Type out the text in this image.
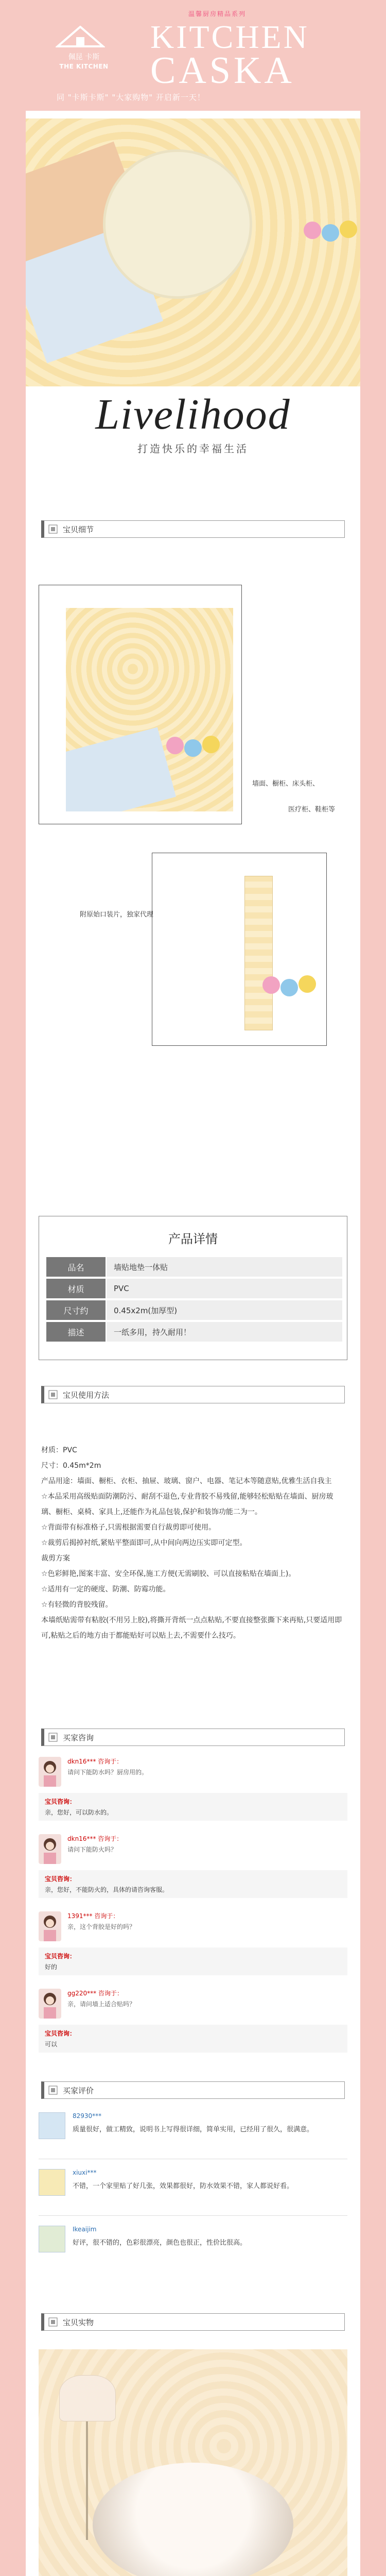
佩昆 卡斯
THE KITCHEN
温馨厨房精品系列
KITCHEN
CASKA
同 "卡斯卡斯" "大家购物" 开启新一天！
Livelihood
打造快乐的幸福生活
宝贝细节
墙面、橱柜、床头柜、
医疗柜、鞋柜等
附原始口装片，独家代理
产品详情
品名	墙贴地垫一体贴
材质	PVC
尺寸约	0.45x2m(加厚型)
描述	一纸多用，持久耐用！
宝贝使用方法

材质：PVC

尺寸：0.45m*2m

产品用途：墙面、橱柜、衣柜、抽屉、玻璃、窗户、电器、笔记本等随意贴,优雅生活自我主

☆本品采用高级贴面防潮防污、耐刮不退色,专业背胶不易残留,能够轻松贴贴在墙面、厨房玻璃、橱柜、桌椅、家具上,还能作为礼品包装,保护和装饰功能二为一。

☆背面带有标准格子,只需根据需要自行裁剪即可使用。

☆裁剪后揭掉衬纸,紧贴平整面即可,从中间向两边压实即可定型。

裁剪方案

☆色彩鲜艳,图案丰富、安全环保,施工方便(无需刷胶、可以直接粘贴在墙面上)。

☆适用有一定的硬度、防潮、防霉功能。

☆有轻微的背胶残留。

本墙纸贴需带有粘胶(不用另上胶),将撕开背纸一点点粘贴,不要直接整张撕下来再贴,只要适用即可,粘贴之后的地方由于都能贴好可以贴上去,不需要什么技巧。

买家咨询
dkn16*** 咨询于：
请问下能防水吗？厨房用的。
宝贝咨询：
亲，您好，可以防水的。
dkn16*** 咨询于：
请问下能防火吗？
宝贝咨询：
亲，您好，不能防火的，具体的请咨询客服。
1391*** 咨询于：
亲，这个背胶是好的吗？
宝贝咨询：
好的
gg220*** 咨询于：
亲，请问墙上适合贴吗？
宝贝咨询：
可以
买家评价
82930***
质量很好，做工精致，说明书上写得很详细，简单实用，已经用了很久，很满意。
xiuxi***
不错，一个家里贴了好几张，效果都很好，防水效果不错，家人都说好看。
Ikeaijim
好评，很不错的，色彩很漂亮，颜色也很正，性价比很高。
宝贝实物
